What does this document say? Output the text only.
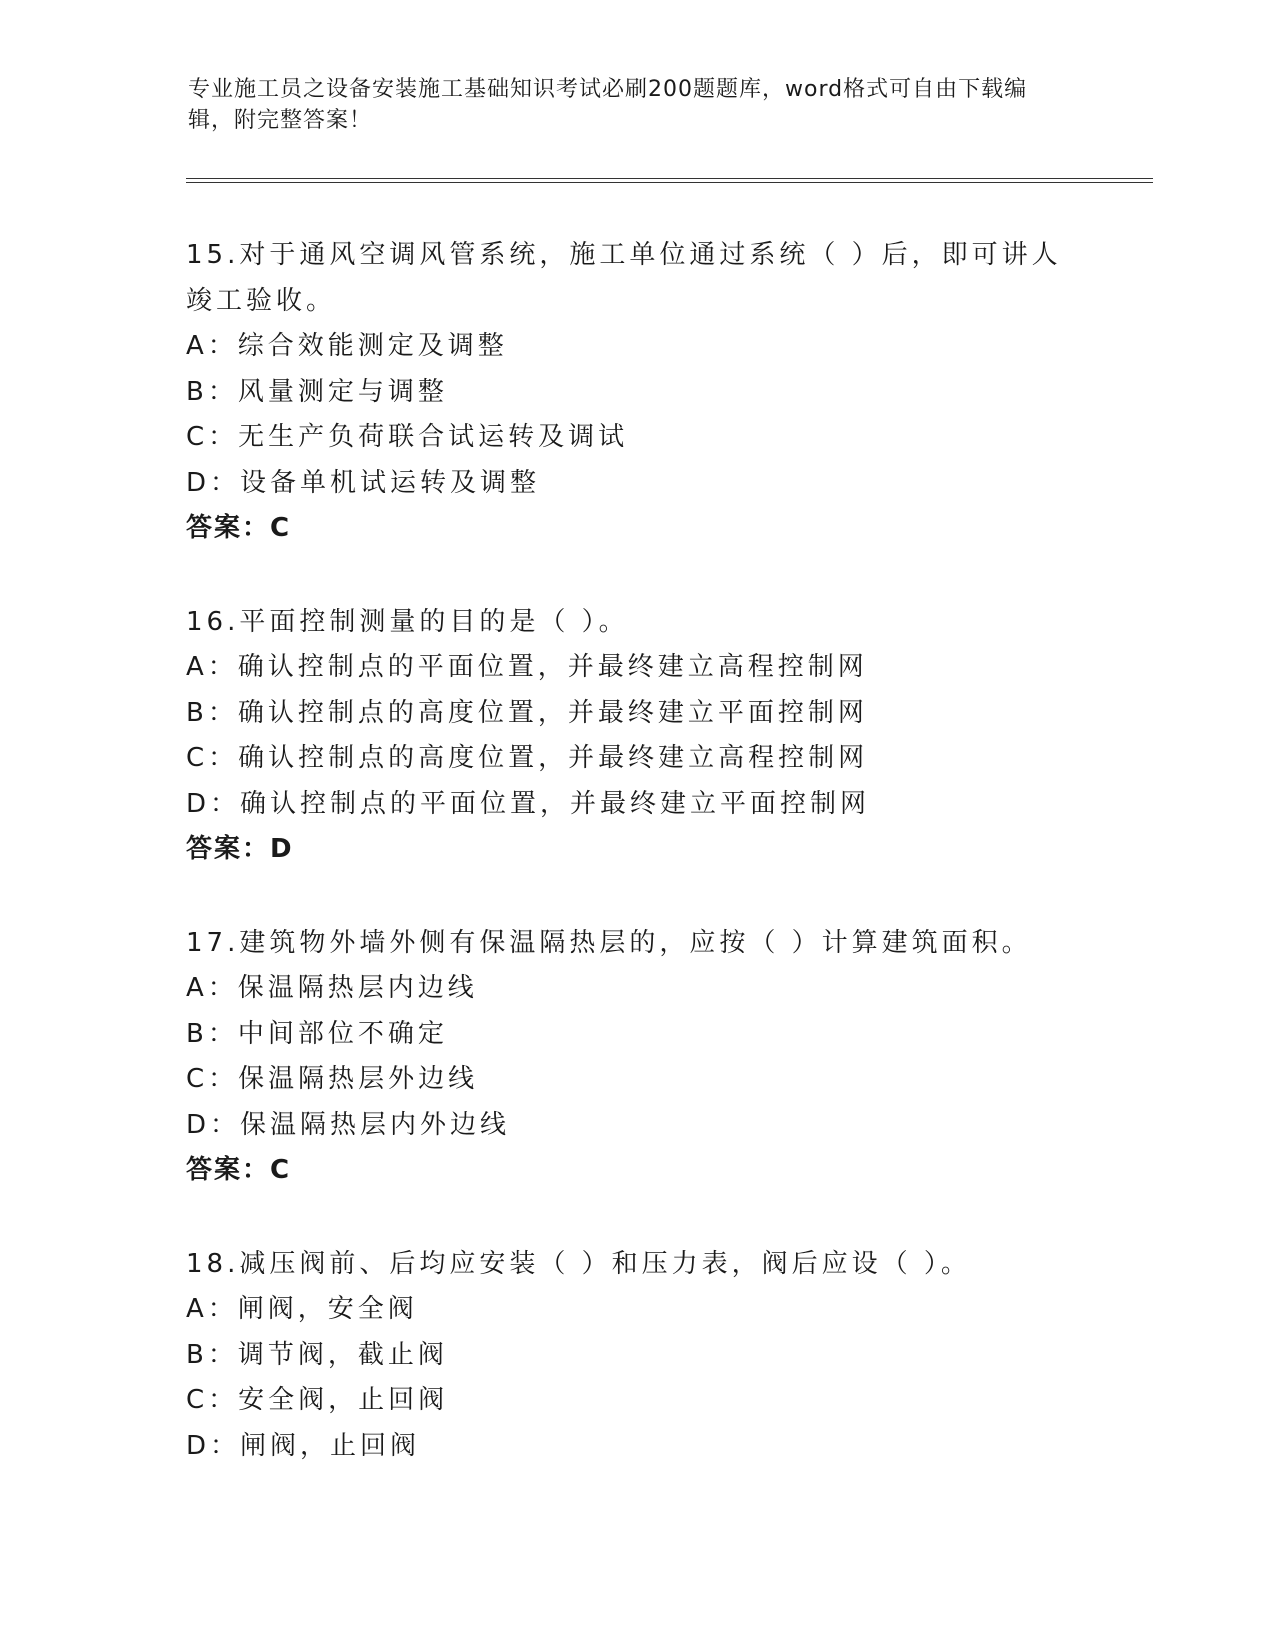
专业施工员之设备安装施工基础知识考试必刷200题题库，word格式可自由下载编辑，附完整答案！
15.对于通风空调风管系统，施工单位通过系统（ ）后，即可讲人竣工验收。
A：综合效能测定及调整
B：风量测定与调整
C：无生产负荷联合试运转及调试
D：设备单机试运转及调整
答案：C
16.平面控制测量的目的是（ ）。
A：确认控制点的平面位置，并最终建立高程控制网
B：确认控制点的高度位置，并最终建立平面控制网
C：确认控制点的高度位置，并最终建立高程控制网
D：确认控制点的平面位置，并最终建立平面控制网
答案：D
17.建筑物外墙外侧有保温隔热层的，应按（ ）计算建筑面积。
A：保温隔热层内边线
B：中间部位不确定
C：保温隔热层外边线
D：保温隔热层内外边线
答案：C
18.减压阀前、后均应安装（ ）和压力表，阀后应设（ ）。
A：闸阀，安全阀
B：调节阀，截止阀
C：安全阀，止回阀
D：闸阀，止回阀
